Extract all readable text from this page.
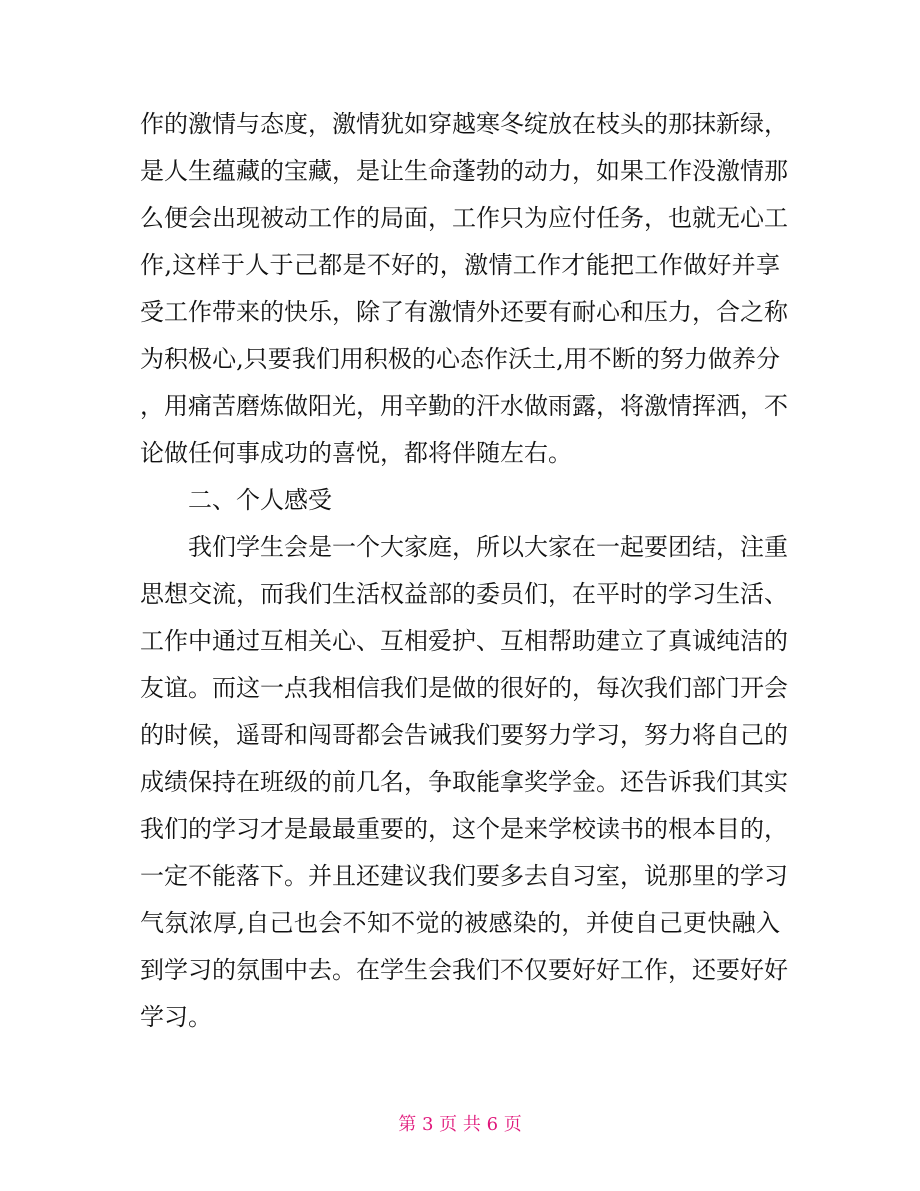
作的激情与态度，激情犹如穿越寒冬绽放在枝头的那抹新绿，
是人生蕴藏的宝藏，是让生命蓬勃的动力，如果工作没激情那
么便会出现被动工作的局面，工作只为应付任务，也就无心工
作,这样于人于己都是不好的，激情工作才能把工作做好并享
受工作带来的快乐，除了有激情外还要有耐心和压力，合之称
为积极心,只要我们用积极的心态作沃土,用不断的努力做养分
，用痛苦磨炼做阳光，用辛勤的汗水做雨露，将激情挥洒，不
论做任何事成功的喜悦，都将伴随左右。
二、个人感受
我们学生会是一个大家庭，所以大家在一起要团结，注重
思想交流，而我们生活权益部的委员们，在平时的学习生活、
工作中通过互相关心、互相爱护、互相帮助建立了真诚纯洁的
友谊。而这一点我相信我们是做的很好的，每次我们部门开会
的时候，遥哥和闯哥都会告诫我们要努力学习，努力将自己的
成绩保持在班级的前几名，争取能拿奖学金。还告诉我们其实
我们的学习才是最最重要的，这个是来学校读书的根本目的，
一定不能落下。并且还建议我们要多去自习室，说那里的学习
气氛浓厚,自己也会不知不觉的被感染的，并使自己更快融入
到学习的氛围中去。在学生会我们不仅要好好工作，还要好好
学习。
第 3 页 共 6 页
